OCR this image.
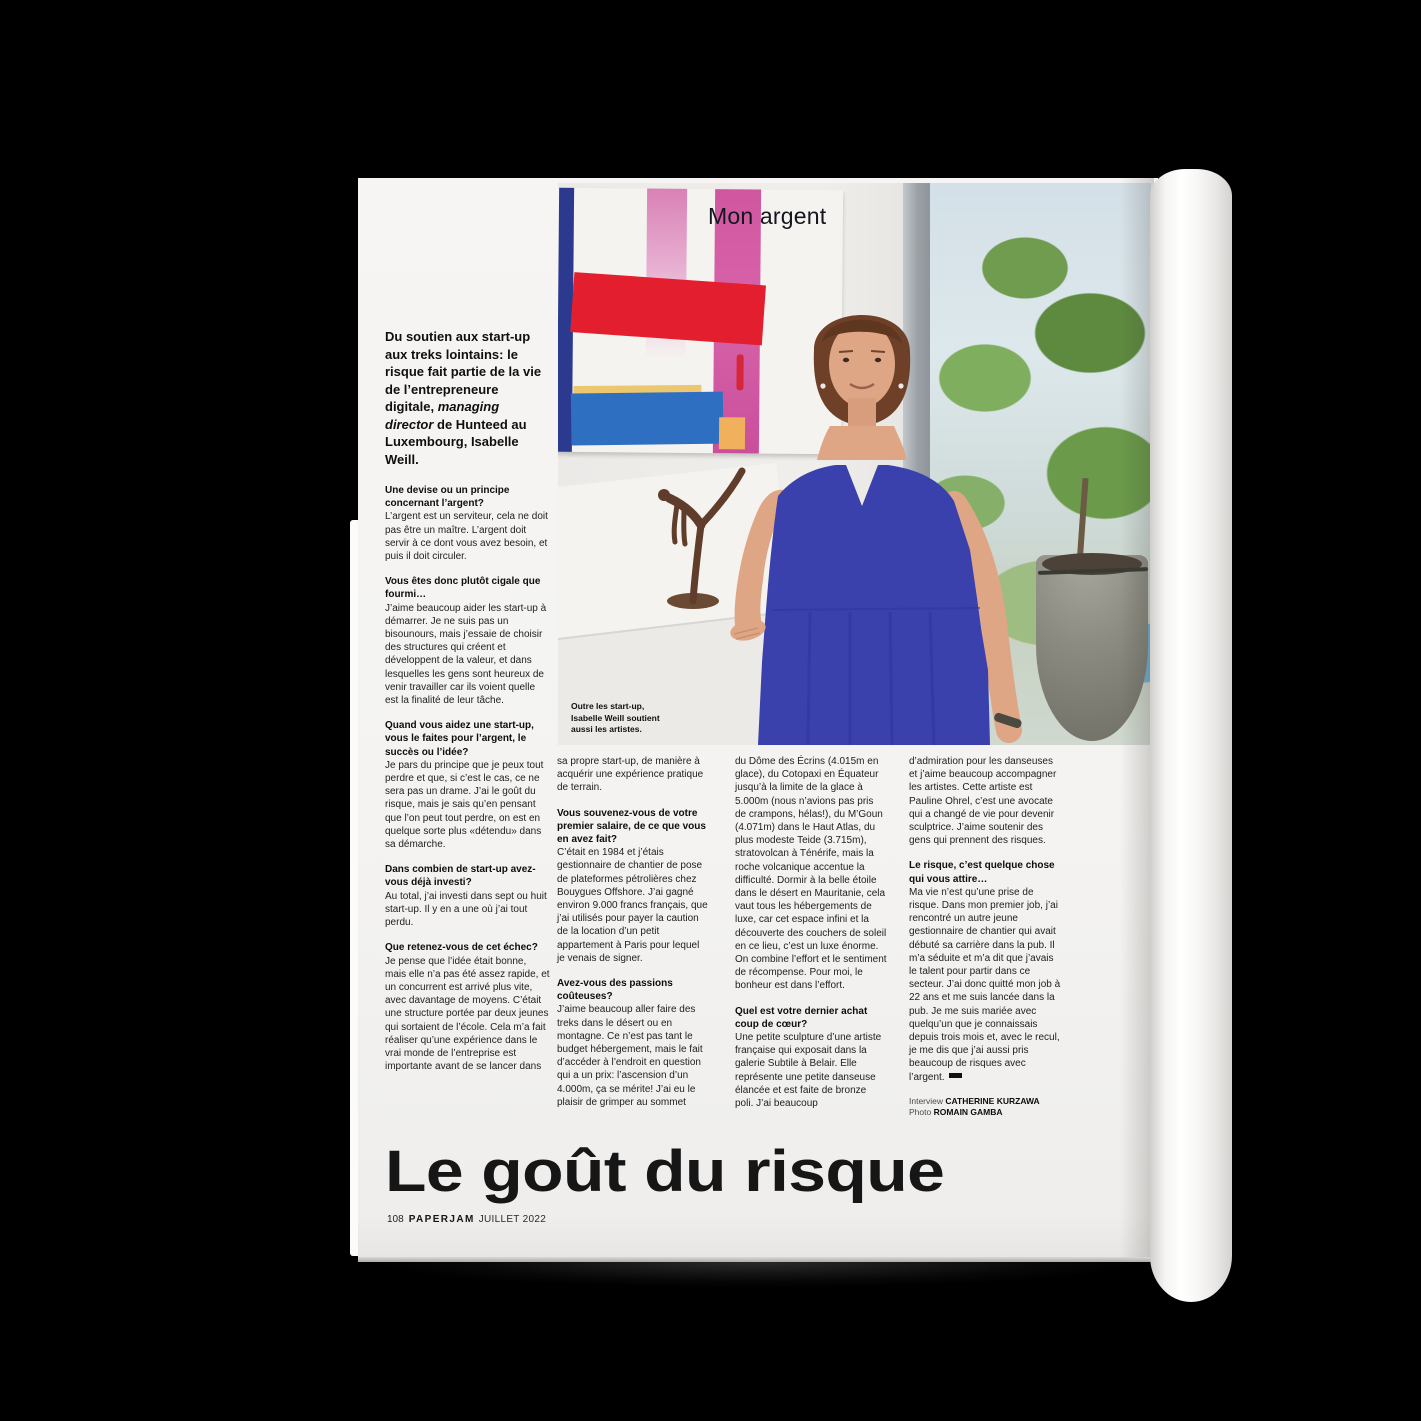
Mon argent
Outre les start-up,
Isabelle Weill soutient
aussi les artistes.

Du soutien aux start-up aux treks lointains: le risque fait partie de la vie de l’entrepreneure digitale, managing director de Hunteed au Luxembourg, Isabelle Weill.

Une devise ou un principe concernant l’argent?
L’argent est un serviteur, cela ne doit pas être un maître. L’argent doit servir à ce dont vous avez besoin, et puis il doit circuler.
Vous êtes donc plutôt cigale que fourmi…
J’aime beaucoup aider les start-up à démarrer. Je ne suis pas un bisounours, mais j’essaie de choisir des structures qui créent et développent de la valeur, et dans lesquelles les gens sont heureux de venir travailler car ils voient quelle est la finalité de leur tâche.
Quand vous aidez une start-up, vous le faites pour l’argent, le succès ou l’idée?
Je pars du principe que je peux tout perdre et que, si c’est le cas, ce ne sera pas un drame. J’ai le goût du risque, mais je sais qu’en pensant que l’on peut tout perdre, on est en quelque sorte plus «détendu» dans sa démarche.
Dans combien de start-up avez-vous déjà investi?
Au total, j’ai investi dans sept ou huit start-up. Il y en a une où j’ai tout perdu.
Que retenez-vous de cet échec?
Je pense que l’idée était bonne, mais elle n’a pas été assez rapide, et un concurrent est arrivé plus vite, avec davantage de moyens. C’était une structure portée par deux jeunes qui sortaient de l’école. Cela m’a fait réaliser qu’une expérience dans le vrai monde de l’entreprise est importante avant de se lancer dans

sa propre start-up, de manière à acquérir une expérience pratique de terrain.

Vous souvenez-vous de votre premier salaire, de ce que vous en avez fait?
C’était en 1984 et j’étais gestionnaire de chantier de pose de plateformes pétrolières chez Bouygues Offshore. J’ai gagné environ 9.000 francs français, que j’ai utilisés pour payer la caution de la location d’un petit appartement à Paris pour lequel je venais de signer.
Avez-vous des passions coûteuses?
J’aime beaucoup aller faire des treks dans le désert ou en montagne. Ce n’est pas tant le budget hébergement, mais le fait d’accéder à l’endroit en question qui a un prix: l’ascension d’un 4.000m, ça se mérite! J’ai eu le plaisir de grimper au sommet

du Dôme des Écrins (4.015m en glace), du Cotopaxi en Équateur jusqu’à la limite de la glace à 5.000m (nous n’avions pas pris de crampons, hélas!), du M’Goun (4.071m) dans le Haut Atlas, du plus modeste Teide (3.715m), stratovolcan à Ténérife, mais la roche volcanique accentue la difficulté. Dormir à la belle étoile dans le désert en Mauritanie, cela vaut tous les hébergements de luxe, car cet espace infini et la découverte des couchers de soleil en ce lieu, c’est un luxe énorme. On combine l’effort et le sentiment de récompense. Pour moi, le bonheur est dans l’effort.

Quel est votre dernier achat coup de cœur?
Une petite sculpture d’une artiste française qui exposait dans la galerie Subtile à Belair. Elle représente une petite danseuse élancée et est faite de bronze poli. J’ai beaucoup

d’admiration pour les danseuses et j’aime beaucoup accompagner les artistes. Cette artiste est Pauline Ohrel, c’est une avocate qui a changé de vie pour devenir sculptrice. J’aime soutenir des gens qui prennent des risques.

Le risque, c’est quelque chose qui vous attire…
Ma vie n’est qu’une prise de risque. Dans mon premier job, j’ai rencontré un autre jeune gestionnaire de chantier qui avait débuté sa carrière dans la pub. Il m’a séduite et m’a dit que j’avais le talent pour partir dans ce secteur. J’ai donc quitté mon job à 22 ans et me suis lancée dans la pub. Je me suis mariée avec quelqu’un que je connaissais depuis trois mois et, avec le recul, je me dis que j’ai aussi pris beaucoup de risques avec l’argent.
Interview CATHERINE KURZAWA
Photo ROMAIN GAMBA
Le goût du risque
108 PAPERJAM JUILLET 2022
